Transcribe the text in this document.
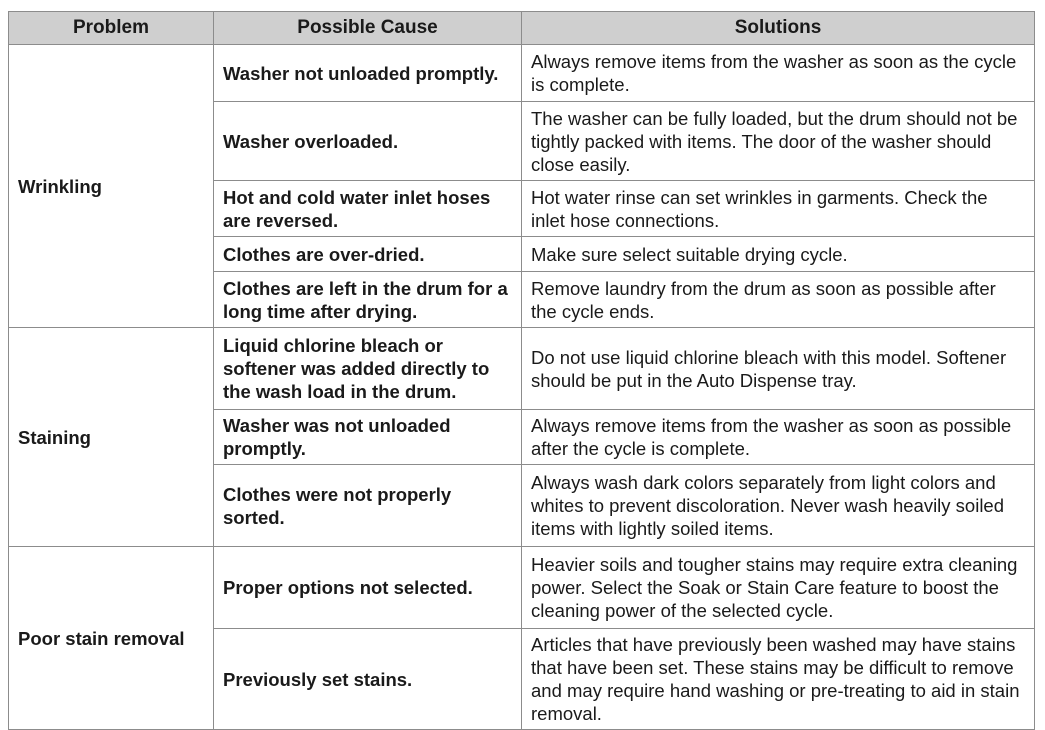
Problem	Possible Cause	Solutions
Wrinkling	Washer not unloaded promptly.	Always remove items from the washer as soon as the cycle is complete.
	Washer overloaded.	The washer can be fully loaded, but the drum should not be tightly packed with items. The door of the washer should close easily.
	Hot and cold water inlet hoses are reversed.	Hot water rinse can set wrinkles in garments. Check the inlet hose connections.
	Clothes are over-dried.	Make sure select suitable drying cycle.
	Clothes are left in the drum for a long time after drying.	Remove laundry from the drum as soon as possible after the cycle ends.
Staining	Liquid chlorine bleach or softener was added directly to the wash load in the drum.	Do not use liquid chlorine bleach with this model. Softener should be put in the Auto Dispense tray.
	Washer was not unloaded promptly.	Always remove items from the washer as soon as possible after the cycle is complete.
	Clothes were not properly sorted.	Always wash dark colors separately from light colors and whites to prevent discoloration. Never wash heavily soiled items with lightly soiled items.
Poor stain removal	Proper options not selected.	Heavier soils and tougher stains may require extra cleaning power. Select the Soak or Stain Care feature to boost the cleaning power of the selected cycle.
	Previously set stains.	Articles that have previously been washed may have stains that have been set. These stains may be difficult to remove and may require hand washing or pre-treating to aid in stain removal.
